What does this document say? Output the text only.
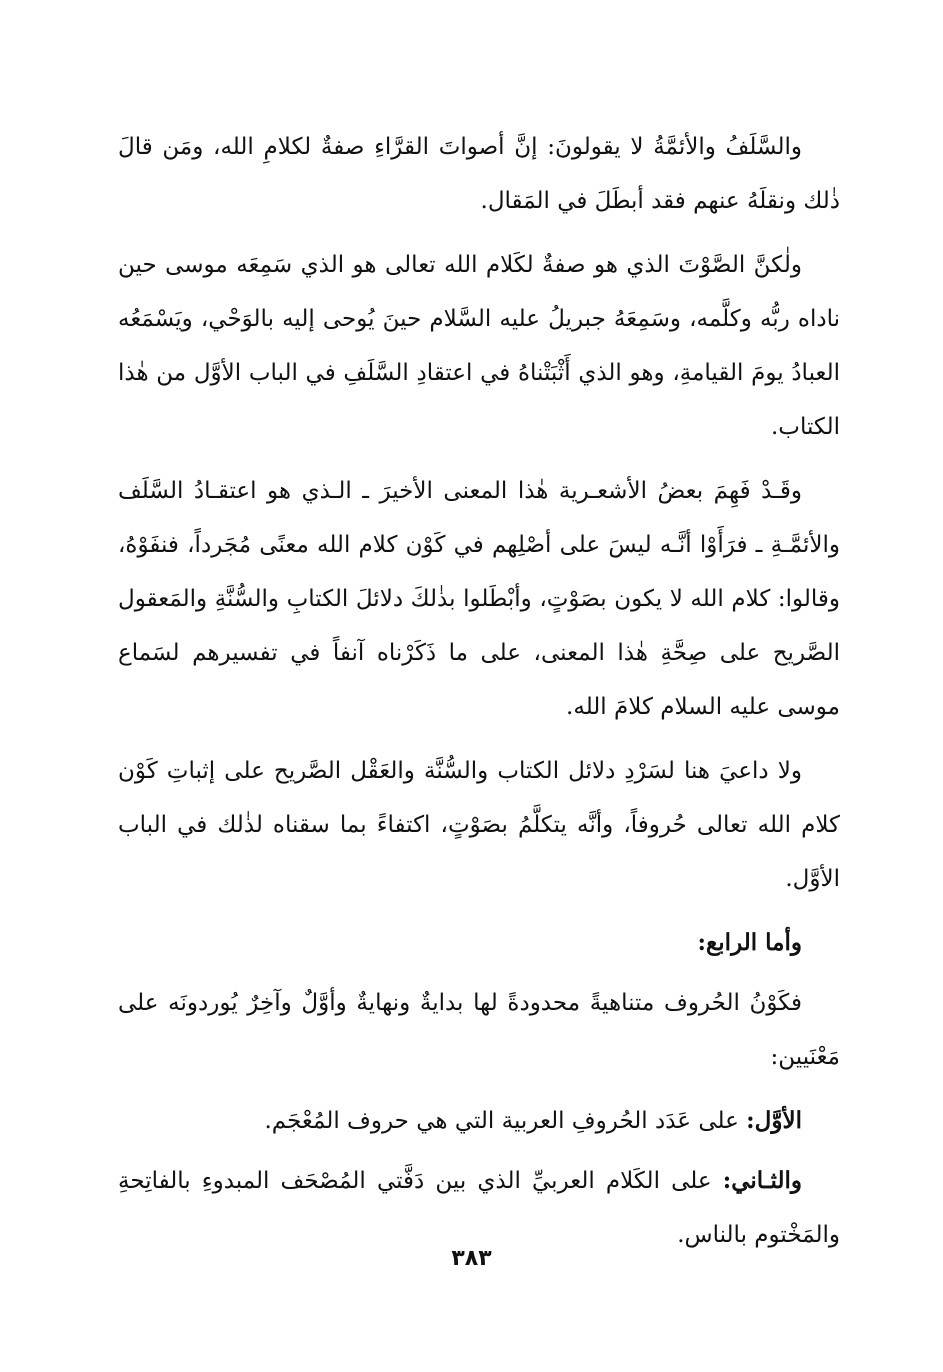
والسَّلَفُ والأئمَّةُ لا يقولونَ: إنَّ أصواتَ القرَّاءِ صفةٌ لكلامِ الله، ومَن قالَ ذٰلك ونقلَهُ عنهم فقد أبطَلَ في المَقال.

ولٰكنَّ الصَّوْتَ الذي هو صفةٌ لكَلام الله تعالى هو الذي سَمِعَه موسى حين ناداه ربُّه وكلَّمه، وسَمِعَهُ جبريلُ عليه السَّلام حينَ يُوحى إليه بالوَحْي، ويَسْمَعُه العبادُ يومَ القيامةِ، وهو الذي أَثْبَتْناهُ في اعتقادِ السَّلَفِ في الباب الأوَّل من هٰذا الكتاب.

وقَـدْ فَهِمَ بعضُ الأشعـرية هٰذا المعنى الأخيرَ ـ الـذي هو اعتقـادُ السَّلَف والأئمَّـةِ ـ فرَأَوْا أنَّـه ليسَ على أصْلِهم في كَوْن كلام الله معنًى مُجَرداً، فنفَوْهُ، وقالوا: كلام الله لا يكون بصَوْتٍ، وأبْطَلوا بذٰلكَ دلائلَ الكتابِ والسُّنَّةِ والمَعقول الصَّريح على صِحَّةِ هٰذا المعنى، على ما ذَكَرْناه آنفاً في تفسيرهم لسَماع موسى عليه السلام كلامَ الله.

ولا داعيَ هنا لسَرْدِ دلائل الكتاب والسُّنَّة والعَقْل الصَّريح على إثباتِ كَوْن كلام الله تعالى حُروفاً، وأنَّه يتكلَّمُ بصَوْتٍ، اكتفاءً بما سقناه لذٰلك في الباب الأوَّل.

وأما الرابع:

فكَوْنُ الحُروف متناهيةً محدودةً لها بدايةٌ ونهايةٌ وأوَّلٌ وآخِرٌ يُوردونَه على مَعْنَيين:

الأوَّل: على عَدَد الحُروفِ العربية التي هي حروف المُعْجَم.

والثـاني: على الكَلام العربيِّ الذي بين دَفَّتي المُصْحَف المبدوءِ بالفاتِحةِ والمَخْتوم بالناس.

٣٨٣
